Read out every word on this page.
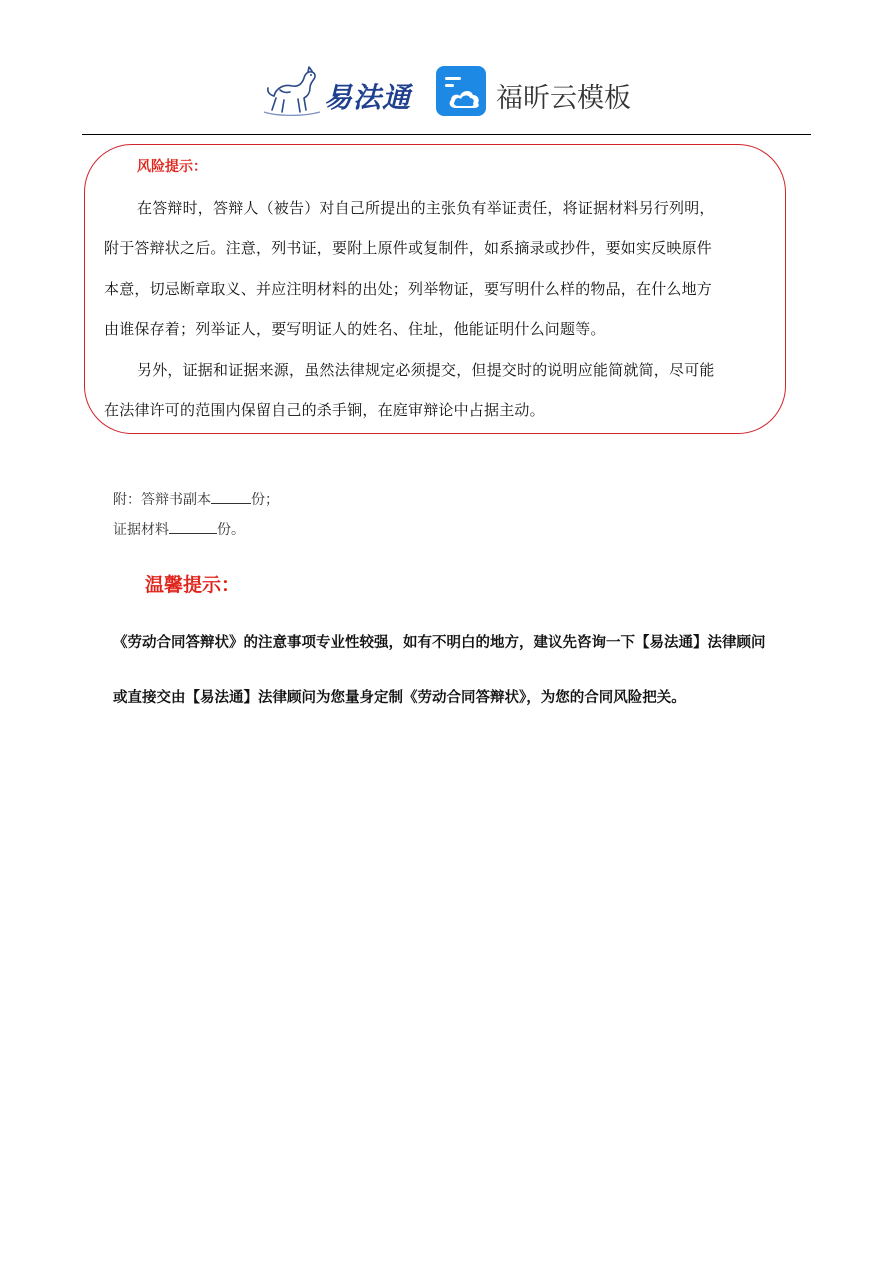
易法通	福昕云模板
风险提示：
在答辩时，答辩人（被告）对自己所提出的主张负有举证责任，将证据材料另行列明，
附于答辩状之后。注意，列书证，要附上原件或复制件，如系摘录或抄件，要如实反映原件
本意，切忌断章取义、并应注明材料的出处；列举物证，要写明什么样的物品，在什么地方
由谁保存着；列举证人，要写明证人的姓名、住址，他能证明什么问题等。
另外，证据和证据来源，虽然法律规定必须提交，但提交时的说明应能简就简，尽可能
在法律许可的范围内保留自己的杀手锏，在庭审辩论中占据主动。
附：答辩书副本	份；
证据材料	份。
温馨提示：
《劳动合同答辩状》的注意事项专业性较强，如有不明白的地方，建议先咨询一下【易法通】法律顾问
或直接交由【易法通】法律顾问为您量身定制《劳动合同答辩状》，为您的合同风险把关。
